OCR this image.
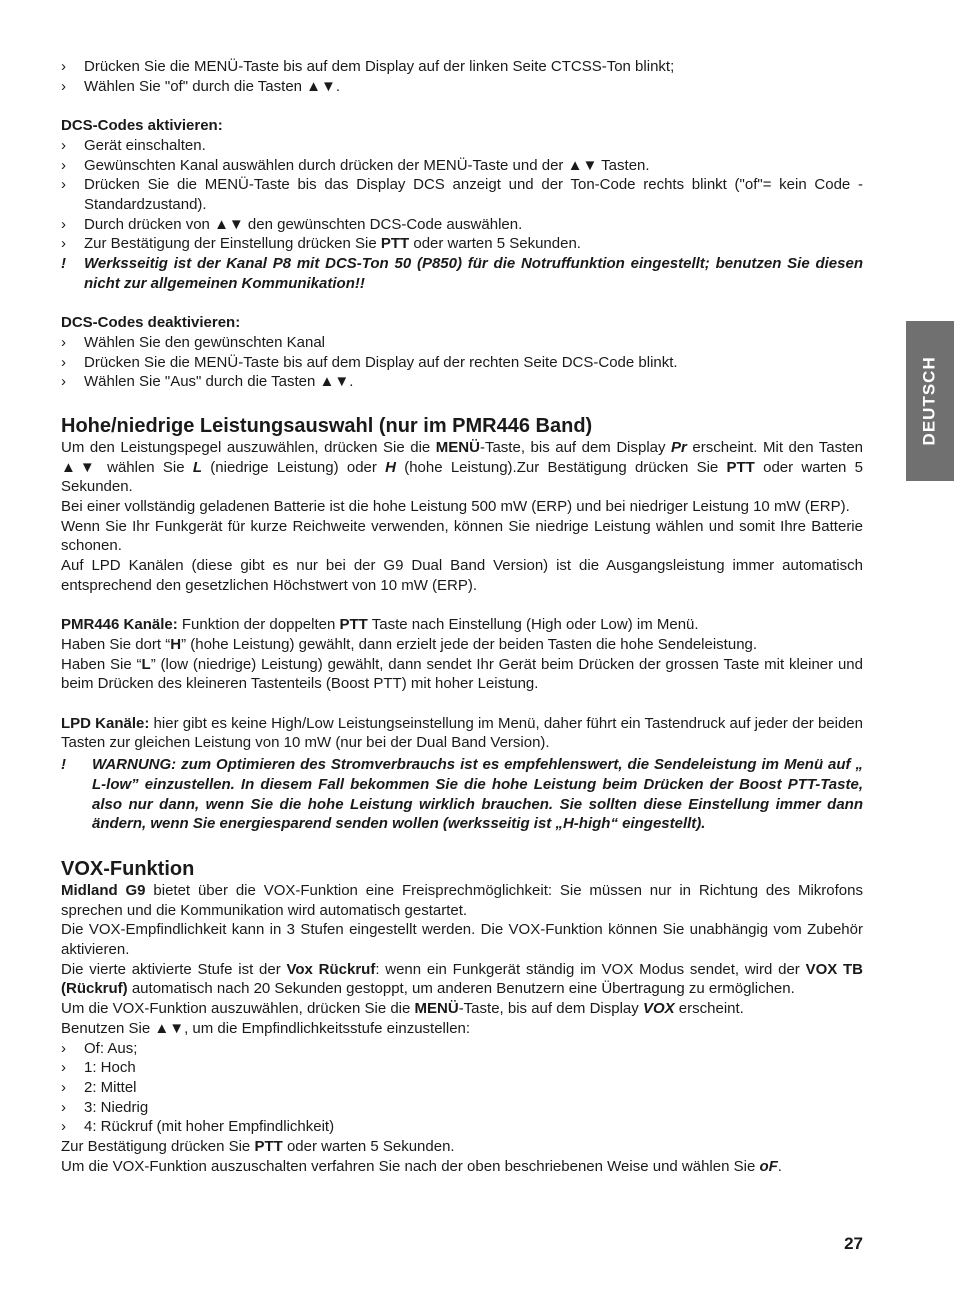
›	Drücken Sie die MENÜ-Taste bis auf dem Display auf der linken Seite CTCSS-Ton blinkt;
›	Wählen Sie "of" durch die Tasten ▲▼.
DCS-Codes aktivieren:
›	Gerät einschalten.
›	Gewünschten Kanal auswählen durch drücken der MENÜ-Taste und der ▲▼ Tasten.
›	Drücken Sie die MENÜ-Taste bis das Display DCS anzeigt und der Ton-Code rechts blinkt ("of"= kein Code - Standardzustand).
›	Durch drücken von ▲▼ den gewünschten DCS-Code auswählen.
›	Zur Bestätigung der Einstellung drücken Sie PTT oder warten 5 Sekunden.
!	Werksseitig ist der Kanal P8 mit DCS-Ton 50 (P850) für die Notruffunktion eingestellt; benutzen Sie diesen nicht zur allgemeinen Kommunikation!!
DCS-Codes deaktivieren:
›	Wählen Sie den gewünschten Kanal
›	Drücken Sie die MENÜ-Taste bis auf dem Display auf der rechten Seite DCS-Code blinkt.
›	Wählen Sie "Aus" durch die Tasten ▲▼.
Hohe/niedrige Leistungsauswahl (nur im PMR446 Band)
Um den Leistungspegel auszuwählen, drücken Sie die MENÜ-Taste, bis auf dem Display Pr erscheint. Mit den Tasten ▲▼ wählen Sie L (niedrige Leistung) oder H (hohe Leistung).Zur Bestätigung drücken Sie PTT oder warten 5 Sekunden.
Bei einer vollständig geladenen Batterie ist die hohe Leistung 500 mW (ERP) und bei niedriger Leistung 10 mW (ERP).
Wenn Sie Ihr Funkgerät für kurze Reichweite verwenden, können Sie niedrige Leistung wählen und somit Ihre Batterie schonen.
Auf LPD Kanälen (diese gibt es nur bei der G9 Dual Band Version) ist die Ausgangsleistung immer automatisch entsprechend den gesetzlichen Höchstwert von 10 mW (ERP).
PMR446 Kanäle: Funktion der doppelten PTT Taste nach Einstellung (High oder Low) im Menü.
Haben Sie dort “H” (hohe Leistung) gewählt, dann erzielt jede der beiden Tasten die hohe Sendeleistung.
Haben Sie “L” (low (niedrige) Leistung) gewählt, dann sendet Ihr Gerät beim Drücken der grossen Taste mit kleiner und beim Drücken des kleineren Tastenteils (Boost PTT) mit hoher Leistung.
LPD Kanäle: hier gibt es keine High/Low Leistungseinstellung im Menü, daher führt ein Tastendruck auf jeder der beiden Tasten zur gleichen Leistung von 10 mW (nur bei der Dual Band Version).
!	WARNUNG: zum Optimieren des Stromverbrauchs ist es empfehlenswert, die Sendeleistung im Menü auf „ L-low” einzustellen. In diesem Fall bekommen Sie die hohe Leistung beim Drücken der Boost PTT-Taste, also nur dann, wenn Sie die hohe Leistung wirklich brauchen. Sie sollten diese Einstellung immer dann ändern, wenn Sie energiesparend senden wollen (werksseitig ist „H-high“ eingestellt).
VOX-Funktion
Midland G9 bietet über die VOX-Funktion eine Freisprechmöglichkeit: Sie müssen nur in Richtung des Mikrofons sprechen und die Kommunikation wird automatisch gestartet.
Die VOX-Empfindlichkeit kann in 3 Stufen eingestellt werden. Die VOX-Funktion können Sie unabhängig vom Zubehör aktivieren.
Die vierte aktivierte Stufe ist der Vox Rückruf: wenn ein Funkgerät ständig im VOX Modus sendet, wird der VOX TB (Rückruf) automatisch nach 20 Sekunden gestoppt, um anderen Benutzern eine Übertragung zu ermöglichen.
Um die VOX-Funktion auszuwählen, drücken Sie die MENÜ-Taste, bis auf dem Display VOX erscheint.
Benutzen Sie ▲▼, um die Empfindlichkeitsstufe einzustellen:
›	Of: Aus;
›	1: Hoch
›	2: Mittel
›	3: Niedrig
›	4: Rückruf (mit hoher Empfindlichkeit)
Zur Bestätigung drücken Sie PTT oder warten 5 Sekunden.
Um die VOX-Funktion auszuschalten verfahren Sie nach der oben beschriebenen Weise und wählen Sie oF.
DEUTSCH
27
